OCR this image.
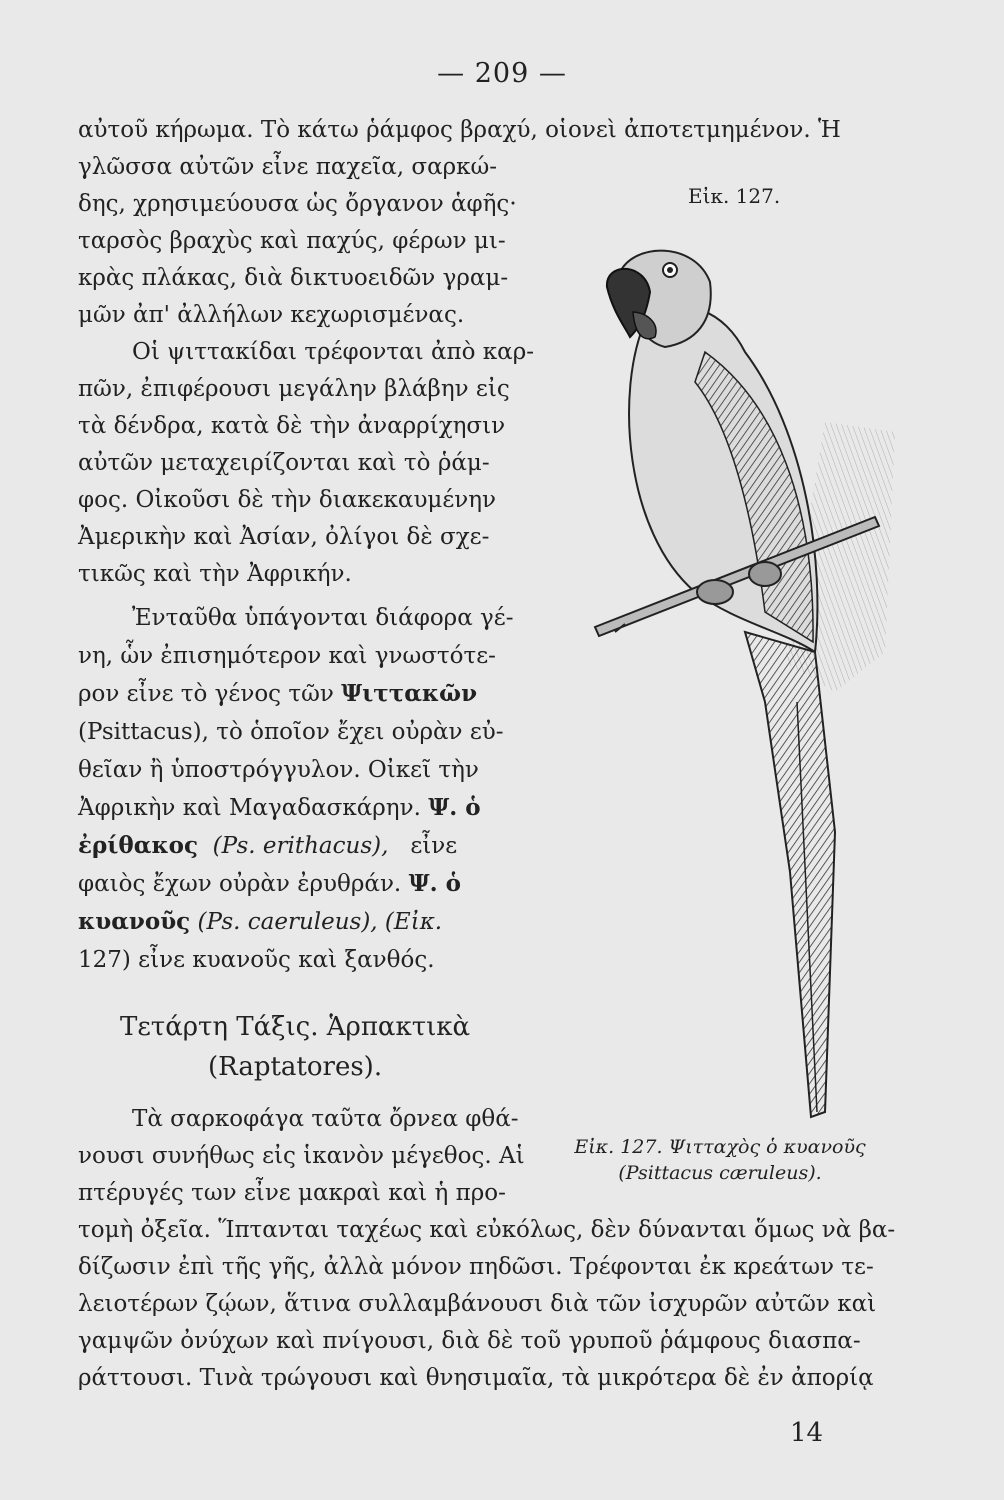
— 209 —
αὐτοῦ κήρωμα. Τὸ κάτω ῥάμφος βραχύ, οἱονεὶ ἀποτετμημένον. Ἡ
γλῶσσα αὐτῶν εἶνε παχεῖα, σαρκώ-
Εἰκ. 127.
δης, χρησιμεύουσα ὡς ὄργανον ἁφῆς·
ταρσὸς βραχὺς καὶ παχύς, φέρων μι-
κρὰς πλάκας, διὰ δικτυοειδῶν γραμ-
μῶν ἀπ' ἀλλήλων κεχωρισμένας.
Οἱ ψιττακίδαι τρέφονται ἀπὸ καρ-
πῶν, ἐπιφέρουσι μεγάλην βλάβην εἰς
τὰ δένδρα, κατὰ δὲ τὴν ἀναρρίχησιν
αὐτῶν μεταχειρίζονται καὶ τὸ ῥάμ-
φος. Οἰκοῦσι δὲ τὴν διακεκαυμένην
Ἀμερικὴν καὶ Ἀσίαν, ὀλίγοι δὲ σχε-
τικῶς καὶ τὴν Ἀφρικήν.
Ἐνταῦθα ὑπάγονται διάφορα γέ-
νη, ὧν ἐπισημότερον καὶ γνωστότε-
ρον εἶνε τὸ γένος τῶν Ψιττακῶν
(Psittacus), τὸ ὁποῖον ἔχει οὐρὰν εὐ-
θεῖαν ἢ ὑποστρόγγυλον. Οἰκεῖ τὴν
Ἀφρικὴν καὶ Μαγαδασκάρην. Ψ. ὁ
ἐρίθακος (Ps. erithacus), εἶνε
φαιὸς ἔχων οὐρὰν ἐρυθράν. Ψ. ὁ
κυανοῦς (Ps. caeruleus), (Εἰκ.
127) εἶνε κυανοῦς καὶ ξανθός.
Τετάρτη Τάξις. Ἁρπακτικὰ
(Raptatores).
Τὰ σαρκοφάγα ταῦτα ὄρνεα φθά-
νουσι συνήθως εἰς ἱκανὸν μέγεθος. Αἱ
πτέρυγές των εἶνε μακραὶ καὶ ἡ προ-
τομὴ ὀξεῖα. Ἵπτανται ταχέως καὶ εὐκόλως, δὲν δύνανται ὅμως νὰ βα-
δίζωσιν ἐπὶ τῆς γῆς, ἀλλὰ μόνον πηδῶσι. Τρέφονται ἐκ κρεάτων τε-
λειοτέρων ζῴων, ἅτινα συλλαμβάνουσι διὰ τῶν ἰσχυρῶν αὐτῶν καὶ
γαμψῶν ὀνύχων καὶ πνίγουσι, διὰ δὲ τοῦ γρυποῦ ῥάμφους διασπα-
ράττουσι. Τινὰ τρώγουσι καὶ θνησιμαῖα, τὰ μικρότερα δὲ ἐν ἀπορίᾳ
Εἰκ. 127. Ψιτταχὸς ὁ κυανοῦς
(Psittacus cæruleus).
14
